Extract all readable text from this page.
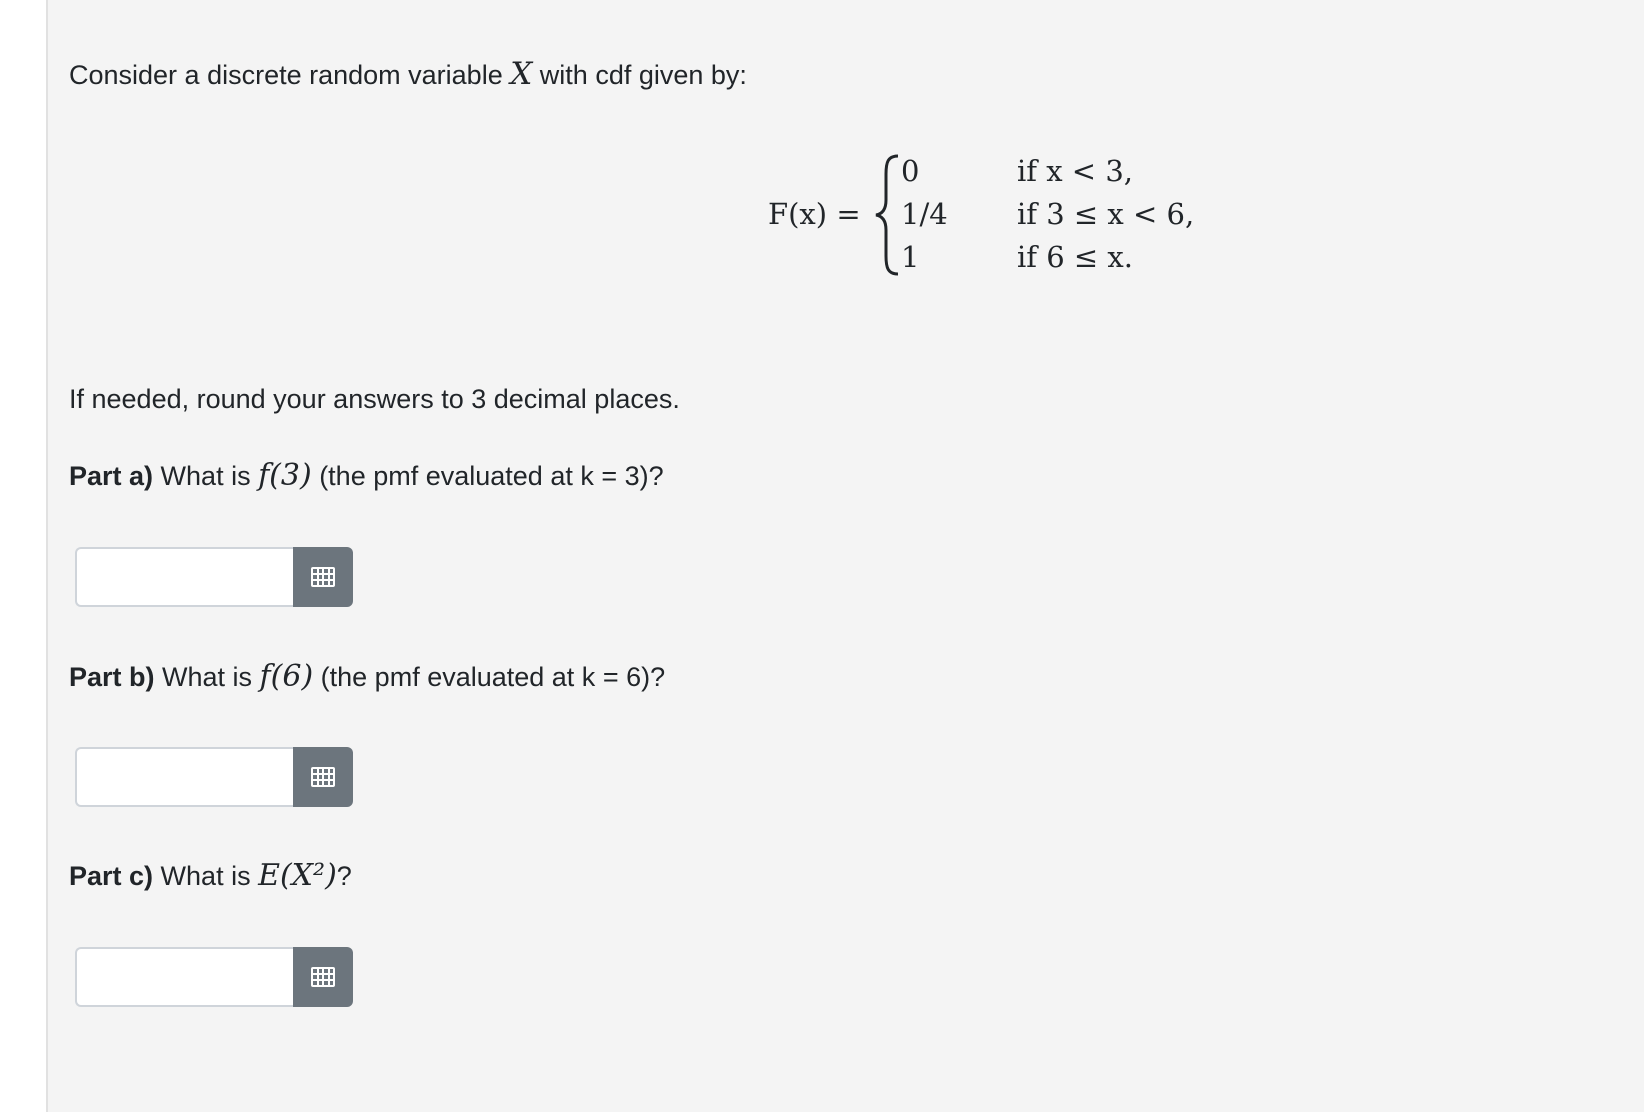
Consider a discrete random variable X with cdf given by:
F(x) =
0
1/4
1
if x < 3,
if 3 ≤ x < 6,
if 6 ≤ x.
If needed, round your answers to 3 decimal places.
Part a) What is f(3) (the pmf evaluated at k = 3)?
Part b) What is f(6) (the pmf evaluated at k = 6)?
Part c) What is E(X²)?
